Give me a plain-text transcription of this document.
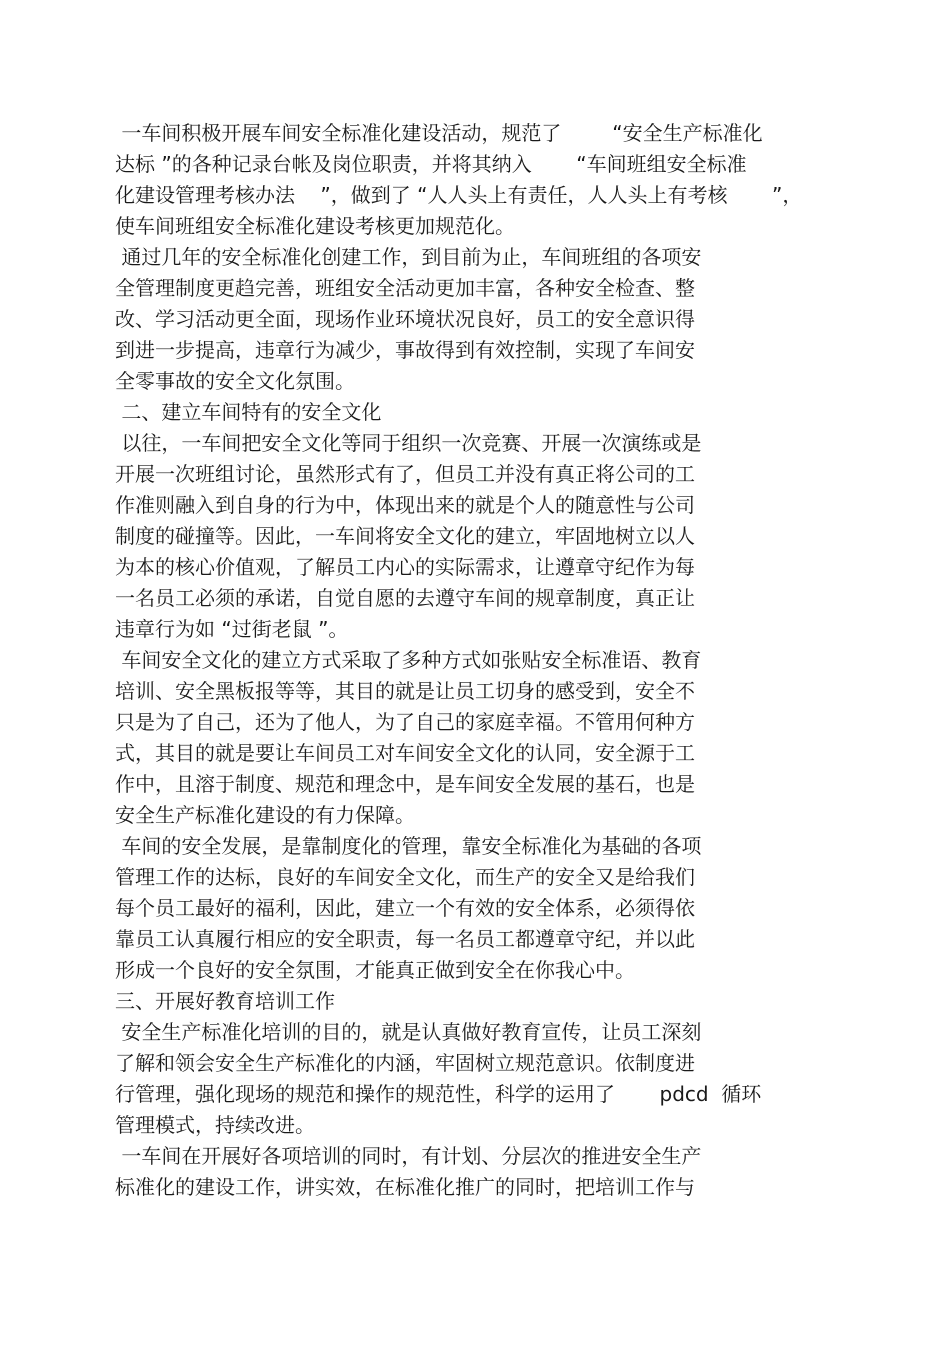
一车间积极开展车间安全标准化建设活动，规范了        “安全生产标准化
达标 ”的各种记录台帐及岗位职责，并将其纳入       “车间班组安全标准
化建设管理考核办法    ”，做到了 “人人头上有责任，人人头上有考核       ”，
使车间班组安全标准化建设考核更加规范化。
通过几年的安全标准化创建工作，到目前为止，车间班组的各项安
全管理制度更趋完善，班组安全活动更加丰富，各种安全检查、整
改、学习活动更全面，现场作业环境状况良好，员工的安全意识得
到进一步提高，违章行为减少，事故得到有效控制，实现了车间安
全零事故的安全文化氛围。
二、建立车间特有的安全文化
以往，一车间把安全文化等同于组织一次竞赛、开展一次演练或是
开展一次班组讨论，虽然形式有了，但员工并没有真正将公司的工
作准则融入到自身的行为中，体现出来的就是个人的随意性与公司
制度的碰撞等。因此，一车间将安全文化的建立，牢固地树立以人
为本的核心价值观，了解员工内心的实际需求，让遵章守纪作为每
一名员工必须的承诺，自觉自愿的去遵守车间的规章制度，真正让
违章行为如 “过街老鼠 ”。
车间安全文化的建立方式采取了多种方式如张贴安全标准语、教育
培训、安全黑板报等等，其目的就是让员工切身的感受到，安全不
只是为了自己，还为了他人，为了自己的家庭幸福。不管用何种方
式，其目的就是要让车间员工对车间安全文化的认同，安全源于工
作中，且溶于制度、规范和理念中，是车间安全发展的基石，也是
安全生产标准化建设的有力保障。
车间的安全发展，是靠制度化的管理，靠安全标准化为基础的各项
管理工作的达标，良好的车间安全文化，而生产的安全又是给我们
每个员工最好的福利，因此，建立一个有效的安全体系，必须得依
靠员工认真履行相应的安全职责，每一名员工都遵章守纪，并以此
形成一个良好的安全氛围，才能真正做到安全在你我心中。
三、开展好教育培训工作
安全生产标准化培训的目的，就是认真做好教育宣传，让员工深刻
了解和领会安全生产标准化的内涵，牢固树立规范意识。依制度进
行管理，强化现场的规范和操作的规范性，科学的运用了       pdcd  循环
管理模式，持续改进。
一车间在开展好各项培训的同时，有计划、分层次的推进安全生产
标准化的建设工作，讲实效，在标准化推广的同时，把培训工作与
